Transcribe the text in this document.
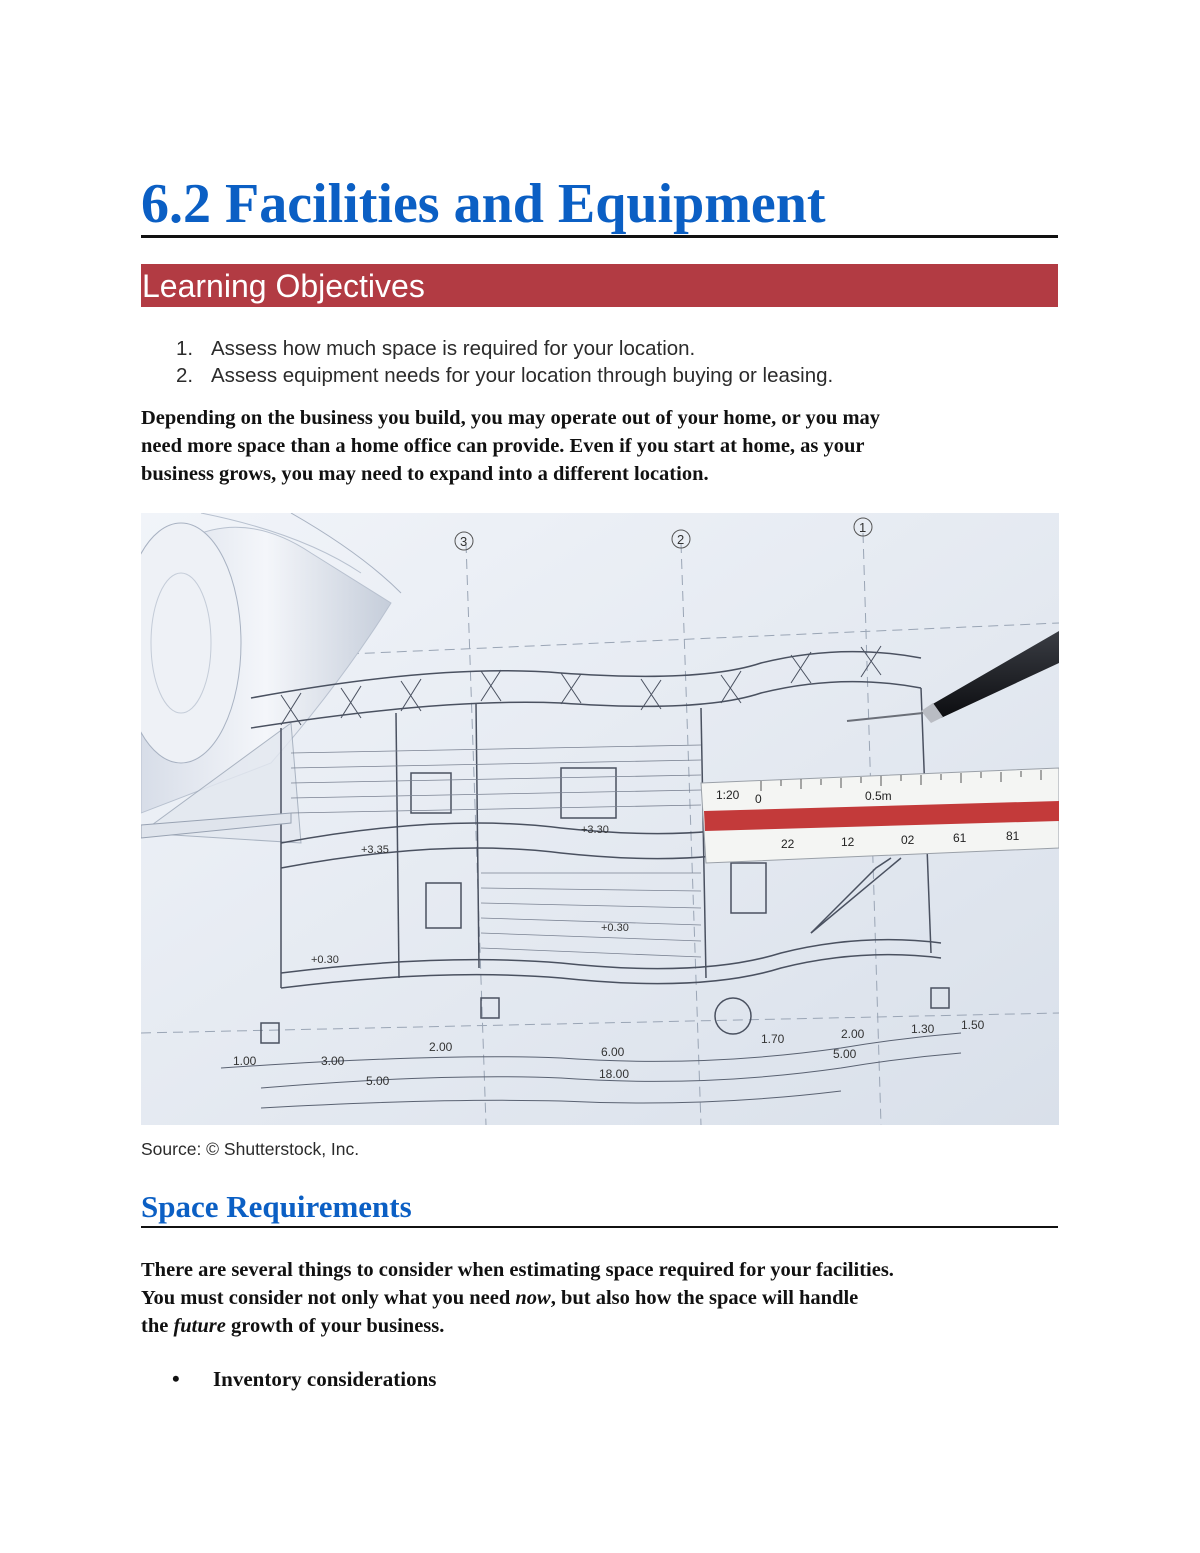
6.2 Facilities and Equipment
Learning Objectives
1. Assess how much space is required for your location.
2. Assess equipment needs for your location through buying or leasing.
Depending on the business you build, you may operate out of your home, or you may
need more space than a home office can provide. Even if you start at home, as your
business grows, you may need to expand into a different location.
3	2
1
+0.30
+3.35
+3.30
+0.30
1.00	3.00
2.00	6.00
5.00	18.00
1.70	2.00	1.30 1.50
5.00
1:20 0	0.5m
22	12	02	61	81
Source: © Shutterstock, Inc.
Space Requirements
There are several things to consider when estimating space required for your facilities.
You must consider not only what you need now, but also how the space will handle
the future growth of your business.
• Inventory considerations
